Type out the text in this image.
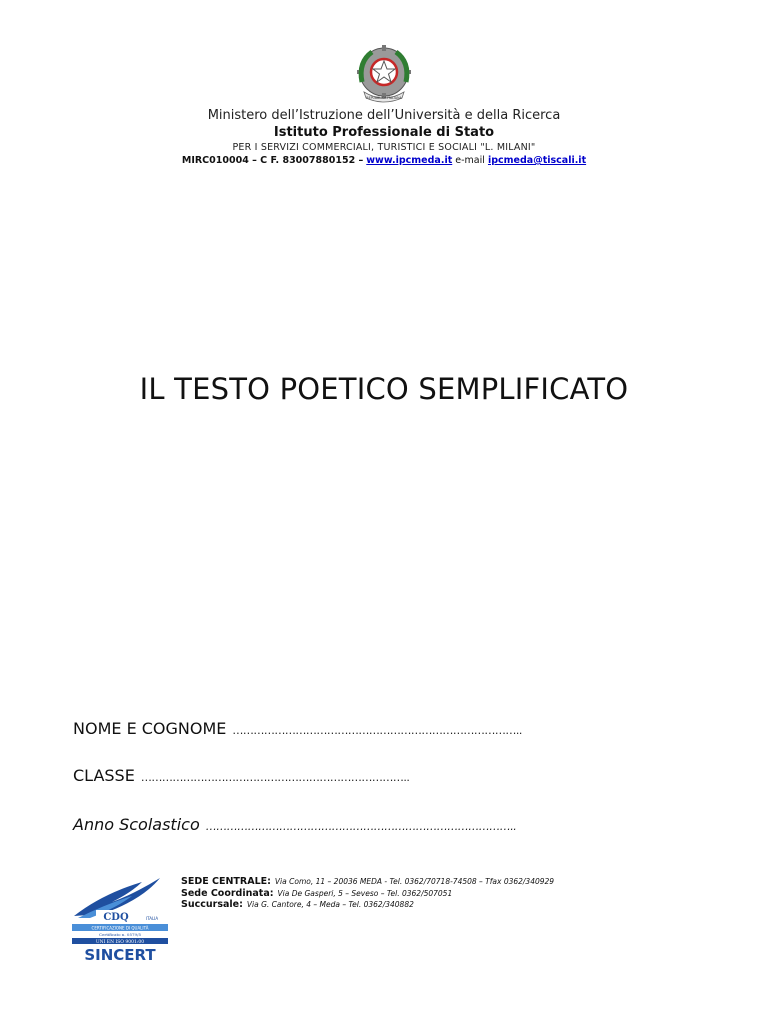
REPUBBLICA ITALIANA
Ministero dell’Istruzione dell’Università e della Ricerca
Istituto Professionale di Stato
PER I SERVIZI COMMERCIALI, TURISTICI E SOCIALI "L. MILANI"
MIRC010004 – C F. 83007880152 – www.ipcmeda.it e-mail ipcmeda@tiscali.it
IL TESTO POETICO SEMPLIFICATO
NOME E COGNOME ………………………………………………………………………..
CLASSE …………………………………………………………………..
Anno Scolastico ……………………………………………………………………………..
CDQ	ITALIA
CERTIFICAZIONE DI QUALITÀ
Certificato n. 0579/5
UNI EN ISO 9001:00
SINCERT
SEDE CENTRALE: Via Como, 11 – 20036 MEDA - Tel. 0362/70718-74508 – Tfax 0362/340929
Sede Coordinata: Via De Gasperi, 5 – Seveso – Tel. 0362/507051
Succursale: Via G. Cantore, 4 – Meda – Tel. 0362/340882
